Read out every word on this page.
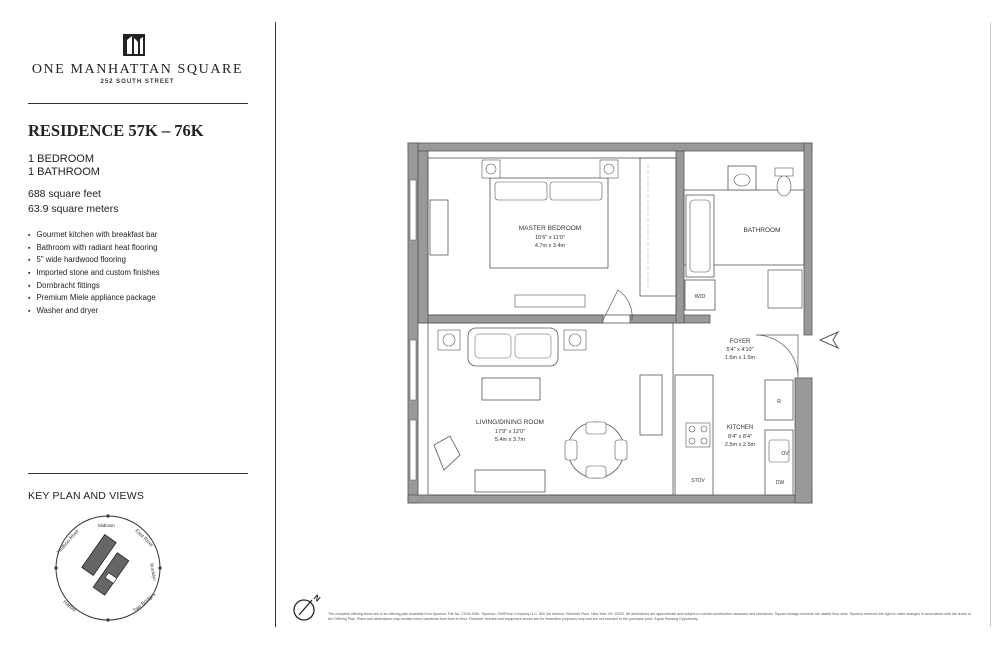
ONE MANHATTAN SQUARE
252 SOUTH STREET
RESIDENCE 57K – 76K
1 BEDROOM
1 BATHROOM
688 square feet
63.9 square meters
▪ Gourmet kitchen with breakfast bar
▪ Bathroom with radiant heat flooring
▪ 5" wide hardwood flooring
▪ Imported stone and custom finishes
▪ Dornbracht fittings
▪ Premium Miele appliance package
▪ Washer and dryer
KEY PLAN AND VIEWS
Hudson River	East River
Midtown
Brooklyn
Harbor	Two Bridges
MASTER BEDROOM
15'6" x 11'0"
4.7m x 3.4m
BATHROOM
W/D
FOYER
5'4" x 4'10"
1.6m x 1.5m
LIVING/DINING ROOM
17'9" x 12'0"
5.4m x 3.7m
STOV
R
OV
DW
KITCHEN
8'4" x 8'4"
2.5m x 2.5m
N
The complete offering terms are in an offering plan available from Sponsor. File No. CD16-0081. Sponsor: OMSFinal Company LLC, 800 3rd Avenue, Eleventh Floor, New York, NY 10022. All dimensions are approximate and subject to normal construction variances and tolerances. Square footage exceeds the usable floor area. Sponsor reserves the right to make changes in accordance with the terms of the Offering Plan. Plans and dimensions may contain minor variations from floor to floor. Furniture, fixtures and equipment shown are for illustrative purposes only and are not included in the purchase price. Equal Housing Opportunity.
